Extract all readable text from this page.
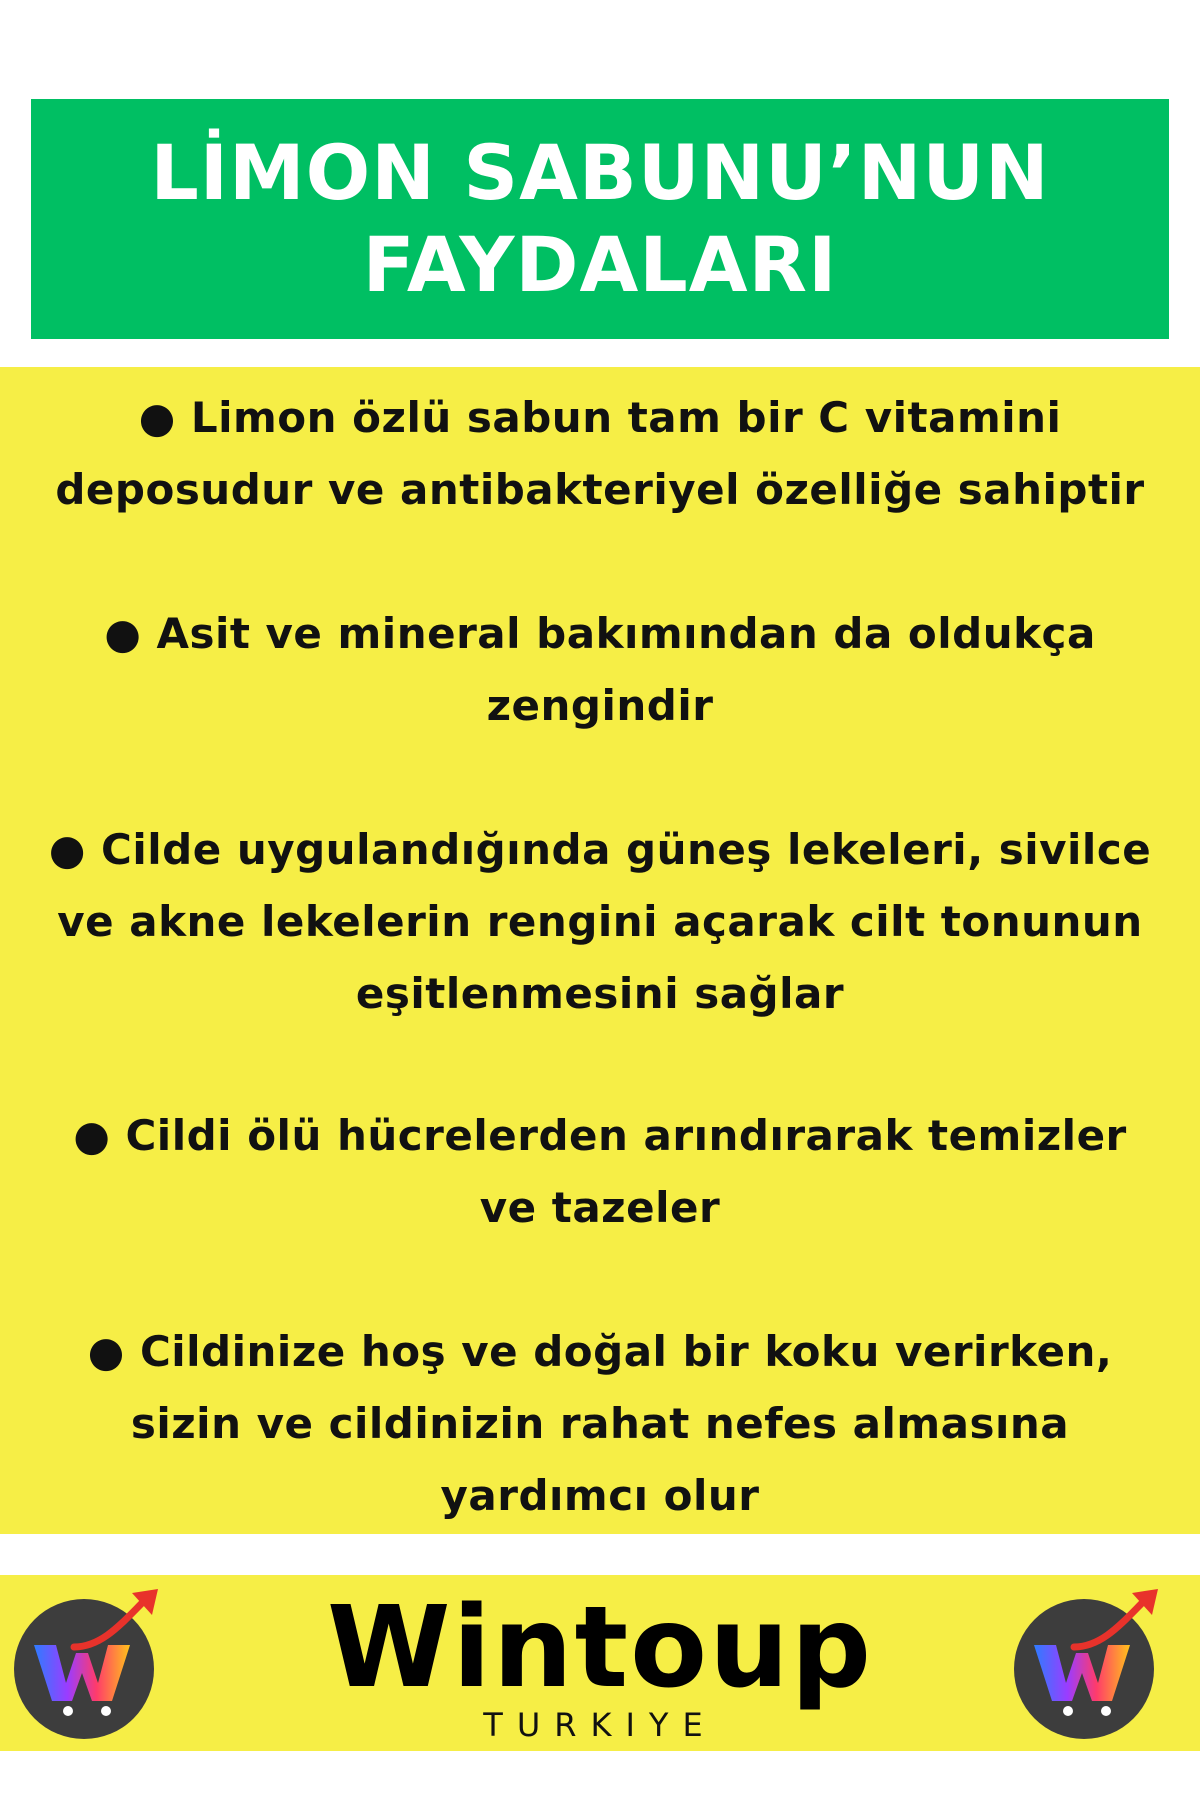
LİMON SABUNU’NUN
FAYDALARI
● Limon özlü sabun tam bir C vitamini
deposudur ve antibakteriyel özelliğe sahiptir
● Asit ve mineral bakımından da oldukça
zengindir
● Cilde uygulandığında güneş lekeleri, sivilce
ve akne lekelerin rengini açarak cilt tonunun
eşitlenmesini sağlar
● Cildi ölü hücrelerden arındırarak temizler
ve tazeler
● Cildinize hoş ve doğal bir koku verirken,
sizin ve cildinizin rahat nefes almasına
yardımcı olur
Wintoup
TURKIYE
